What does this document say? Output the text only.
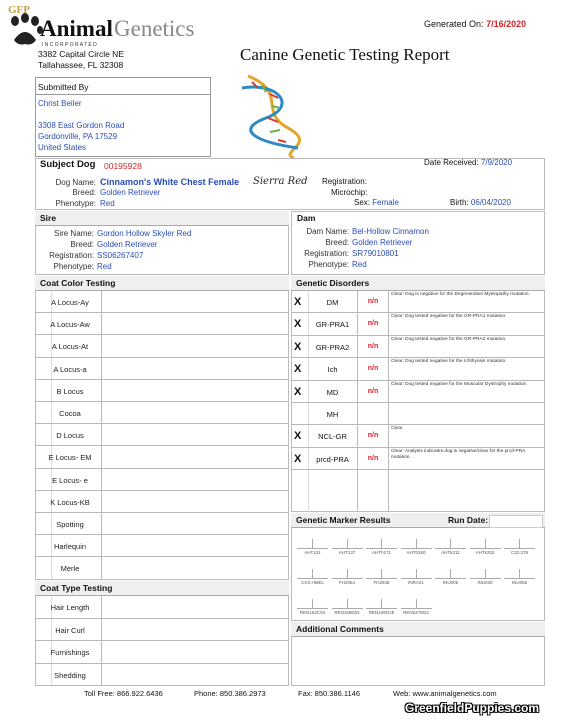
GFP
Animal Genetics
I N C O R P O R A T E D
3382 Capital Circle NE
Tallahassee, FL 32308
Generated On: 7/16/2020
Canine Genetic Testing Report
Submitted By
Christ Beiler
3308 East Gordon Road
Gordonville, PA 17529
United States
Subject Dog 00195928	Date Received: 7/9/2020
Dog Name: Cinnamon's White Chest Female Sierra Red
Breed: Golden Retriever
Phenotype: Red
Registration:
Microchip:
Sex: Female	Birth: 06/04/2020
Sire
Sire Name: Gordon Hollow Skyler Red
Breed: Golden Retriever
Registration: SS06267407
Phenotype: Red
Dam
Dam Name: Bel-Hollow Cinnamon
Breed: Golden Retriever
Registration: SR79010801
Phenotype: Red
Coat Color Testing
A Locus-Ay
A Locus-Aw
A Locus-At
A Locus-a
B Locus
Cocoa
D Locus
E Locus- EM
E Locus- e
K Locus-KB
Spotting
Harlequin
Merle
Coat Type Testing
Hair Length
Hair Curl
Furnishings
Shedding
Genetic Disorders
X	DM	n/n
Clear: Dog is negative for the Degenerative Myelopathy mutation.
X	GR-PRA1	n/n
Clear: Dog tested negative for the GR-PRA1 mutation.
X	GR-PRA2	n/n
Clear: Dog tested negative for the GR-PRA2 mutation.
X	Ich	n/n
Clear: Dog tested negative for the Ichthyosis mutation.
X	MD	n/n
Clear: Dog tested negative for the Muscular Dystrophy mutation.
MH
X	NCL-GR	n/n
Clear
X	prcd-PRA	n/n
Clear: Analysis indicates dog is negative/clear for the prcd-PRA mutation.
Genetic Marker Results	Run Date:
AHT121	AHT137	AHTh171	AHTh260	AHTk211	AHTk253	C22.279
CXX.HMEL	FH2054	FH2848	INRA21	INU005	INU030	INU055
REN162C04	REN169D01	REN169O18	REN247M23
Additional Comments
Toll Free: 866.922.6436	Phone: 850.386.2973	Fax: 850.386.1146	Web: www.animalgenetics.com
GreenfieldPuppies.com
